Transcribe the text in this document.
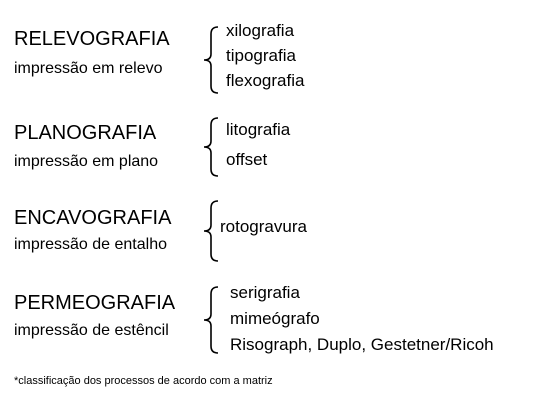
RELEVOGRAFIA
impressão em relevo
xilografia
tipografia
flexografia
PLANOGRAFIA
impressão em plano
litografia
offset
ENCAVOGRAFIA
impressão de entalho
rotogravura
PERMEOGRAFIA
impressão de estêncil
serigrafia
mimeógrafo
Risograph, Duplo, Gestetner/Ricoh
*classificação dos processos de acordo com a matriz
